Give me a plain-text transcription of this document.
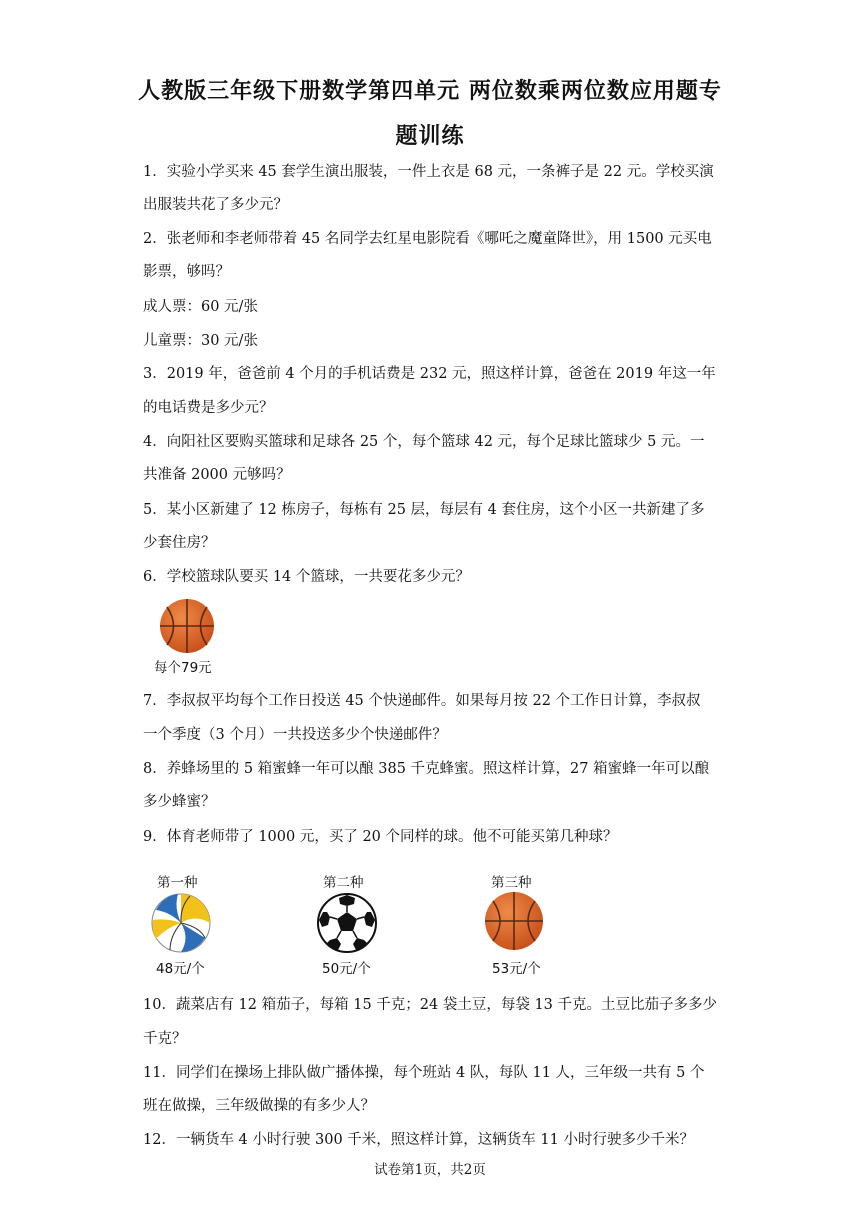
人教版三年级下册数学第四单元 两位数乘两位数应用题专
题训练
1．实验小学买来 45 套学生演出服装，一件上衣是 68 元，一条裤子是 22 元。学校买演
出服装共花了多少元？
2．张老师和李老师带着 45 名同学去红星电影院看《哪吒之魔童降世》，用 1500 元买电
影票，够吗？
成人票：60 元/张
儿童票：30 元/张
3．2019 年，爸爸前 4 个月的手机话费是 232 元，照这样计算，爸爸在 2019 年这一年
的电话费是多少元？
4．向阳社区要购买篮球和足球各 25 个，每个篮球 42 元，每个足球比篮球少 5 元。一
共准备 2000 元够吗？
5．某小区新建了 12 栋房子，每栋有 25 层，每层有 4 套住房，这个小区一共新建了多
少套住房？
6．学校篮球队要买 14 个篮球，一共要花多少元？
每个79元
7．李叔叔平均每个工作日投送 45 个快递邮件。如果每月按 22 个工作日计算，李叔叔
一个季度（3 个月）一共投送多少个快递邮件？
8．养蜂场里的 5 箱蜜蜂一年可以酿 385 千克蜂蜜。照这样计算，27 箱蜜蜂一年可以酿
多少蜂蜜？
9．体育老师带了 1000 元，买了 20 个同样的球。他不可能买第几种球？
第一种	第二种	第三种
48元/个	50元/个	53元/个
10．蔬菜店有 12 箱茄子，每箱 15 千克；24 袋土豆，每袋 13 千克。土豆比茄子多多少
千克？
11．同学们在操场上排队做广播体操，每个班站 4 队，每队 11 人，三年级一共有 5 个
班在做操，三年级做操的有多少人？
12．一辆货车 4 小时行驶 300 千米，照这样计算，这辆货车 11 小时行驶多少千米？
试卷第1页，共2页
